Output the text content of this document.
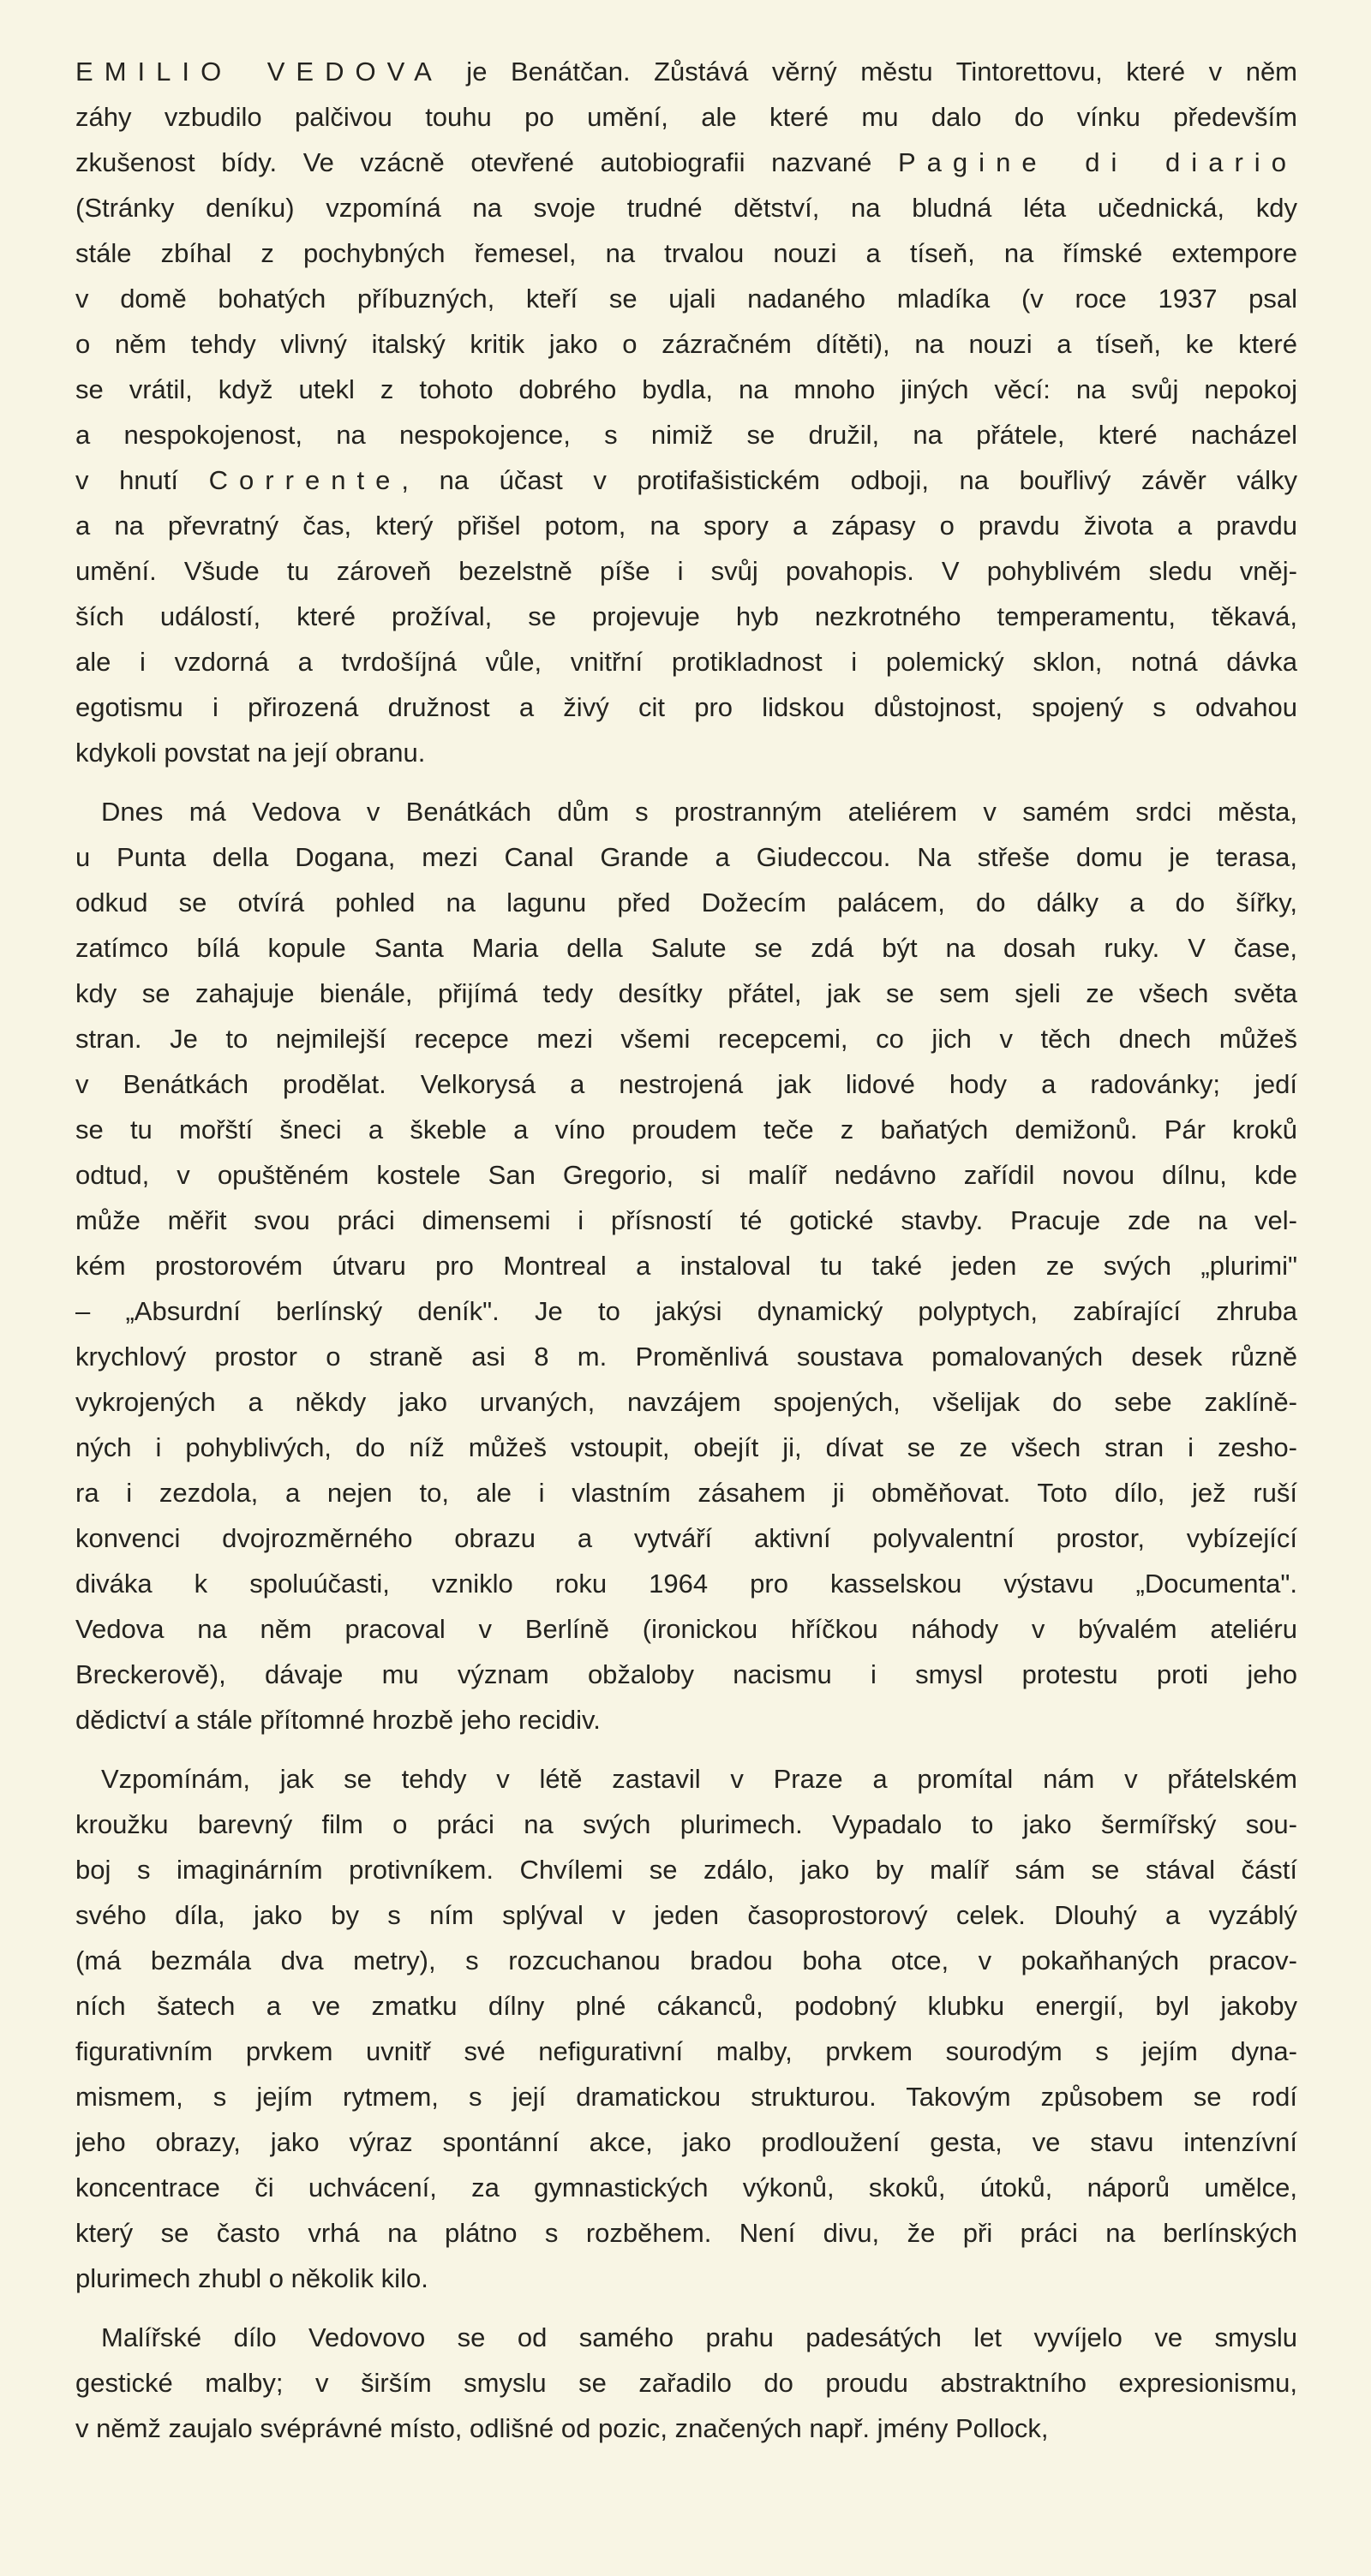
EMILIO VEDOVA je Benátčan. Zůstává věrný městu Tintorettovu, které v něm
záhy vzbudilo palčivou touhu po umění, ale které mu dalo do vínku především
zkušenost bídy. Ve vzácně otevřené autobiografii nazvané Pagine di diario
(Stránky deníku) vzpomíná na svoje trudné dětství, na bludná léta učednická, kdy
stále zbíhal z pochybných řemesel, na trvalou nouzi a tíseň, na římské extempore
v domě bohatých příbuzných, kteří se ujali nadaného mladíka (v roce 1937 psal
o něm tehdy vlivný italský kritik jako o zázračném dítěti), na nouzi a tíseň, ke které
se vrátil, když utekl z tohoto dobrého bydla, na mnoho jiných věcí: na svůj nepokoj
a nespokojenost, na nespokojence, s nimiž se družil, na přátele, které nacházel
v hnutí Corrente, na účast v protifašistickém odboji, na bouřlivý závěr války
a na převratný čas, který přišel potom, na spory a zápasy o pravdu života a pravdu
umění. Všude tu zároveň bezelstně píše i svůj povahopis. V pohyblivém sledu vněj-
ších událostí, které prožíval, se projevuje hyb nezkrotného temperamentu, těkavá,
ale i vzdorná a tvrdošíjná vůle, vnitřní protikladnost i polemický sklon, notná dávka
egotismu i přirozená družnost a živý cit pro lidskou důstojnost, spojený s odvahou
kdykoli povstat na její obranu.
Dnes má Vedova v Benátkách dům s prostranným ateliérem v samém srdci města,
u Punta della Dogana, mezi Canal Grande a Giudeccou. Na střeše domu je terasa,
odkud se otvírá pohled na lagunu před Dožecím palácem, do dálky a do šířky,
zatímco bílá kopule Santa Maria della Salute se zdá být na dosah ruky. V čase,
kdy se zahajuje bienále, přijímá tedy desítky přátel, jak se sem sjeli ze všech světa
stran. Je to nejmilejší recepce mezi všemi recepcemi, co jich v těch dnech můžeš
v Benátkách prodělat. Velkorysá a nestrojená jak lidové hody a radovánky; jedí
se tu mořští šneci a škeble a víno proudem teče z baňatých demižonů. Pár kroků
odtud, v opuštěném kostele San Gregorio, si malíř nedávno zařídil novou dílnu, kde
může měřit svou práci dimensemi i přísností té gotické stavby. Pracuje zde na vel-
kém prostorovém útvaru pro Montreal a instaloval tu také jeden ze svých „plurimi"
– „Absurdní berlínský deník". Je to jakýsi dynamický polyptych, zabírající zhruba
krychlový prostor o straně asi 8 m. Proměnlivá soustava pomalovaných desek různě
vykrojených a někdy jako urvaných, navzájem spojených, všelijak do sebe zaklíně-
ných i pohyblivých, do níž můžeš vstoupit, obejít ji, dívat se ze všech stran i zesho-
ra i zezdola, a nejen to, ale i vlastním zásahem ji obměňovat. Toto dílo, jež ruší
konvenci dvojrozměrného obrazu a vytváří aktivní polyvalentní prostor, vybízející
diváka k spoluúčasti, vzniklo roku 1964 pro kasselskou výstavu „Documenta".
Vedova na něm pracoval v Berlíně (ironickou hříčkou náhody v bývalém ateliéru
Breckerově), dávaje mu význam obžaloby nacismu i smysl protestu proti jeho
dědictví a stále přítomné hrozbě jeho recidiv.
Vzpomínám, jak se tehdy v létě zastavil v Praze a promítal nám v přátelském
kroužku barevný film o práci na svých plurimech. Vypadalo to jako šermířský sou-
boj s imaginárním protivníkem. Chvílemi se zdálo, jako by malíř sám se stával částí
svého díla, jako by s ním splýval v jeden časoprostorový celek. Dlouhý a vyzáblý
(má bezmála dva metry), s rozcuchanou bradou boha otce, v pokaňhaných pracov-
ních šatech a ve zmatku dílny plné cákanců, podobný klubku energií, byl jakoby
figurativním prvkem uvnitř své nefigurativní malby, prvkem sourodým s jejím dyna-
mismem, s jejím rytmem, s její dramatickou strukturou. Takovým způsobem se rodí
jeho obrazy, jako výraz spontánní akce, jako prodloužení gesta, ve stavu intenzívní
koncentrace či uchvácení, za gymnastických výkonů, skoků, útoků, náporů umělce,
který se často vrhá na plátno s rozběhem. Není divu, že při práci na berlínských
plurimech zhubl o několik kilo.
Malířské dílo Vedovovo se od samého prahu padesátých let vyvíjelo ve smyslu
gestické malby; v širším smyslu se zařadilo do proudu abstraktního expresionismu,
v němž zaujalo svéprávné místo, odlišné od pozic, značených např. jmény Pollock,
